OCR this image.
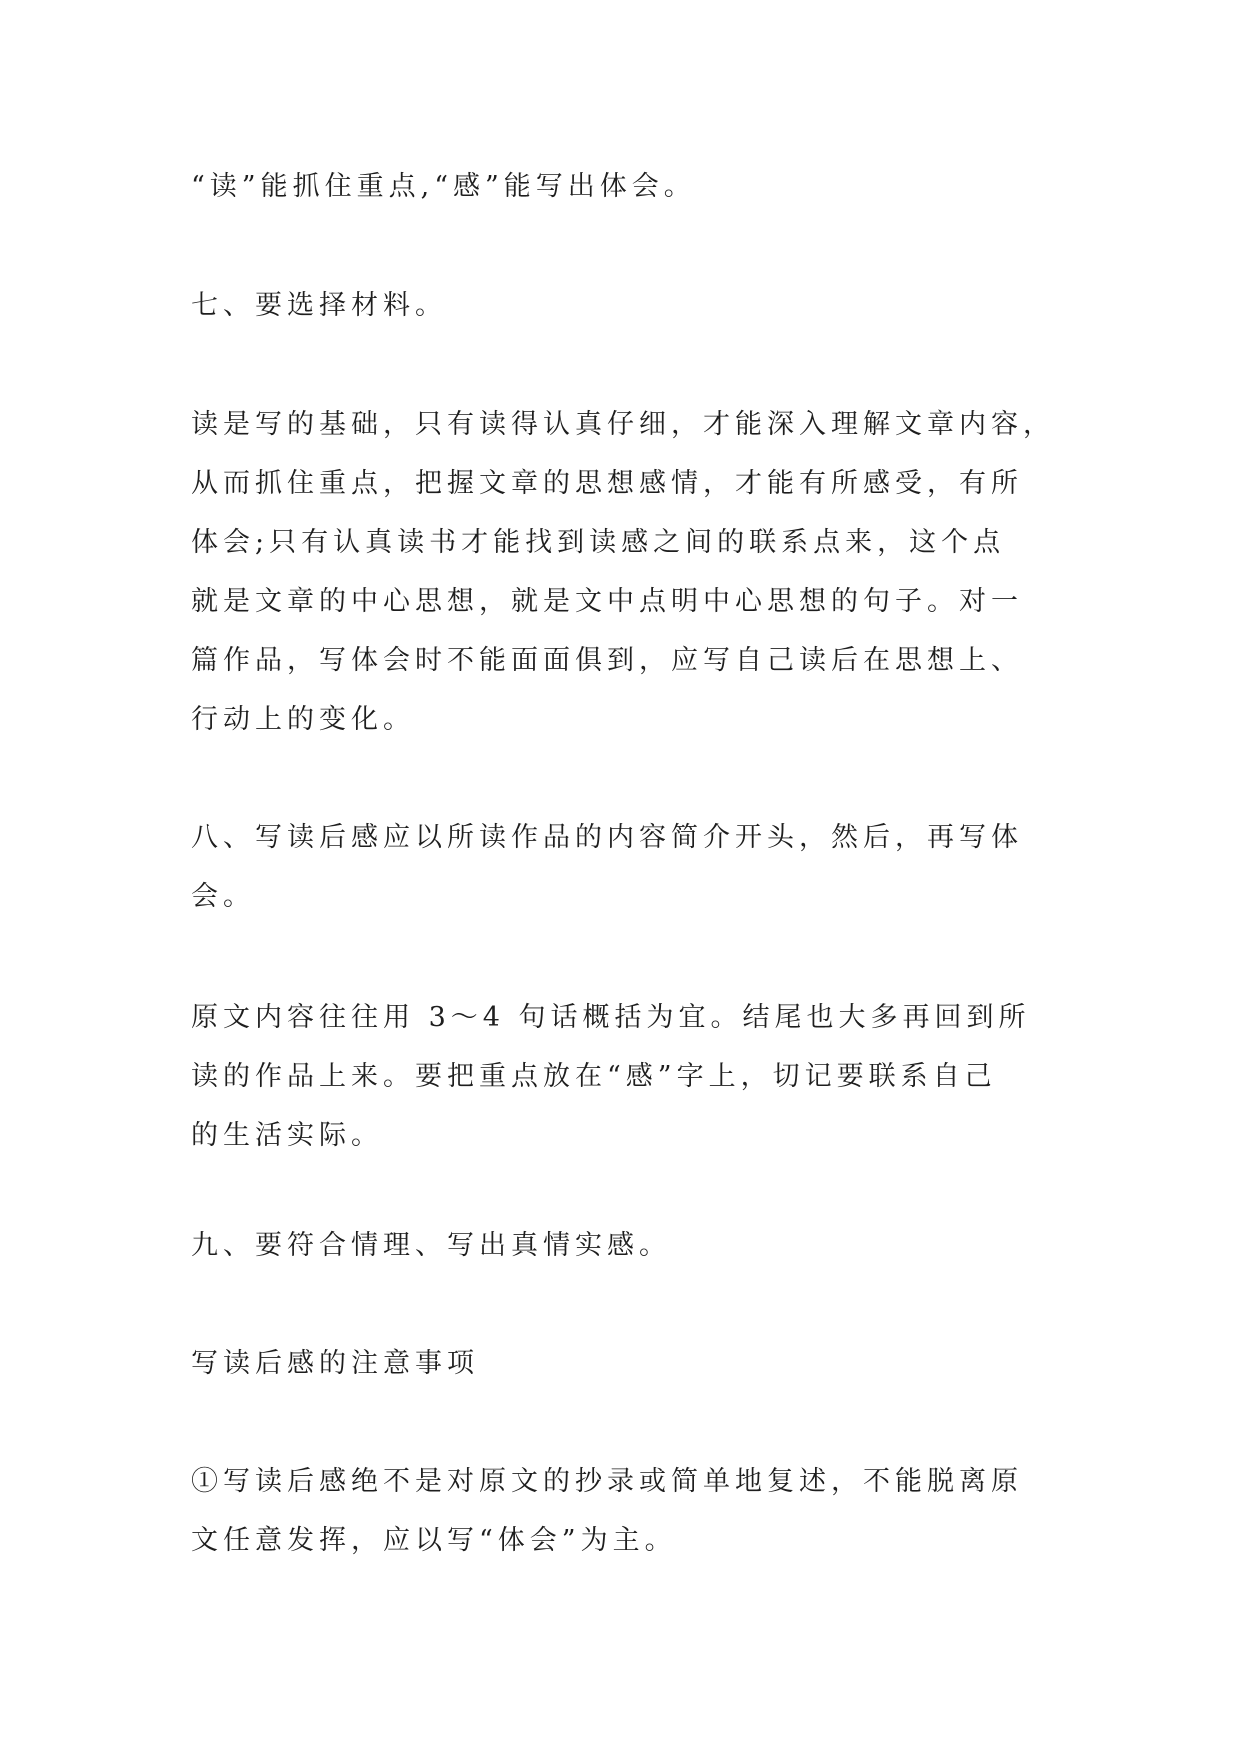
“读”能抓住重点,“感”能写出体会。
七、要选择材料。
读是写的基础，只有读得认真仔细，才能深入理解文章内容，
从而抓住重点，把握文章的思想感情，才能有所感受，有所
体会;只有认真读书才能找到读感之间的联系点来，这个点
就是文章的中心思想，就是文中点明中心思想的句子。对一
篇作品，写体会时不能面面俱到，应写自己读后在思想上、
行动上的变化。
八、写读后感应以所读作品的内容简介开头，然后，再写体
会。
原文内容往往用 3～4 句话概括为宜。结尾也大多再回到所
读的作品上来。要把重点放在“感”字上，切记要联系自己
的生活实际。
九、要符合情理、写出真情实感。
写读后感的注意事项
①写读后感绝不是对原文的抄录或简单地复述，不能脱离原
文任意发挥，应以写“体会”为主。
